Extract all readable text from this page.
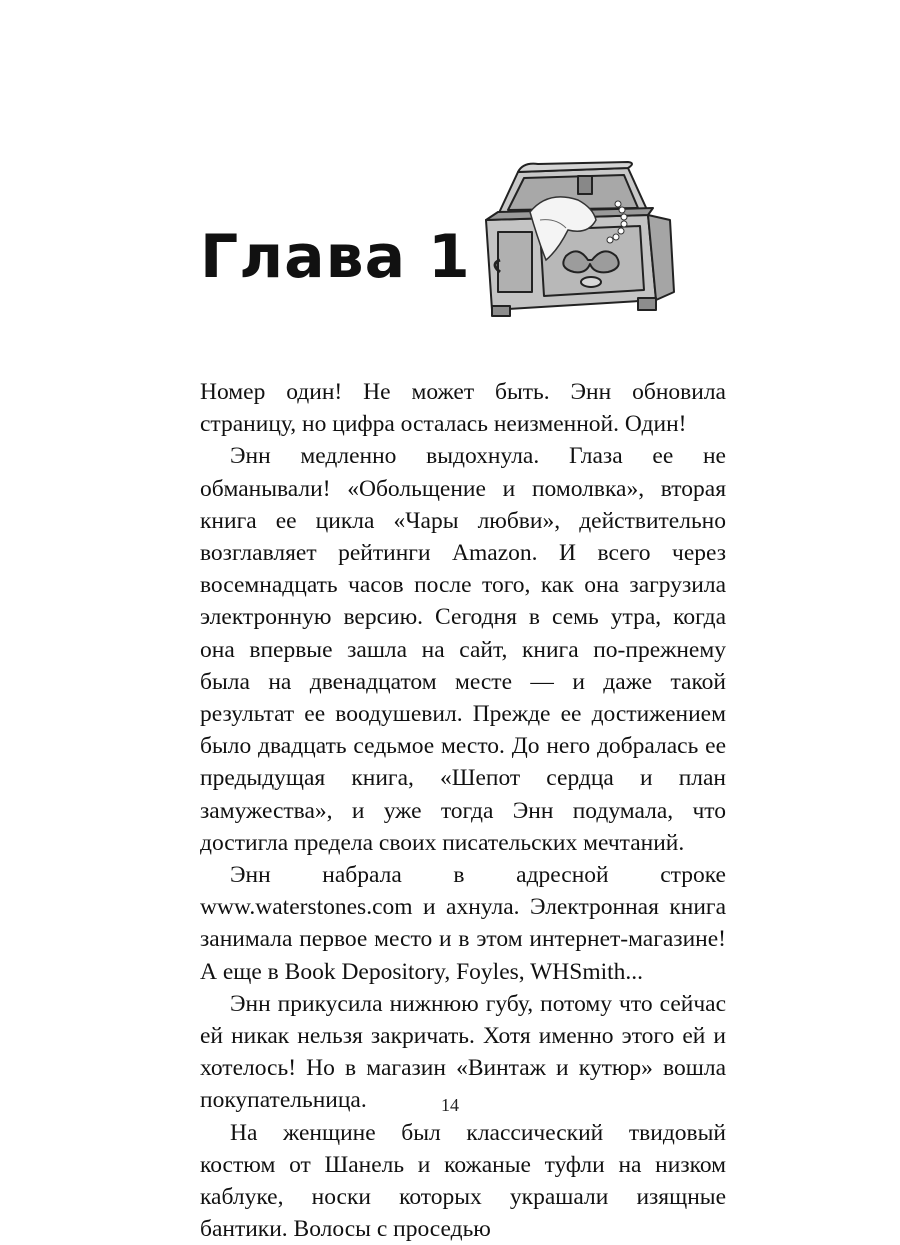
Глава 1

Номер один! Не может быть. Энн обновила страницу, но цифра осталась неизменной. Один!

Энн медленно выдохнула. Глаза ее не обманывали! «Обольщение и помолвка», вторая книга ее цикла «Чары любви», действительно возглавляет рейтинги Amazon. И всего через восемнадцать часов после того, как она загрузила электронную версию. Сегодня в семь утра, когда она впервые зашла на сайт, книга по-прежнему была на двенадцатом месте — и даже такой результат ее воодушевил. Прежде ее достижением было двадцать седьмое место. До него добралась ее предыдущая книга, «Шепот сердца и план замужества», и уже тогда Энн подумала, что достигла предела своих писательских мечтаний.

Энн набрала в адресной строке www.waterstones.com и ахнула. Электронная книга занимала первое место и в этом интернет-магазине! А еще в Book Depository, Foyles, WHSmith...

Энн прикусила нижнюю губу, потому что сейчас ей никак нельзя закричать. Хотя именно этого ей и хотелось! Но в магазин «Винтаж и кутюр» вошла покупательница.

На женщине был классический твидовый костюм от Шанель и кожаные туфли на низком каблуке, носки которых украшали изящные бантики. Волосы с проседью

14
